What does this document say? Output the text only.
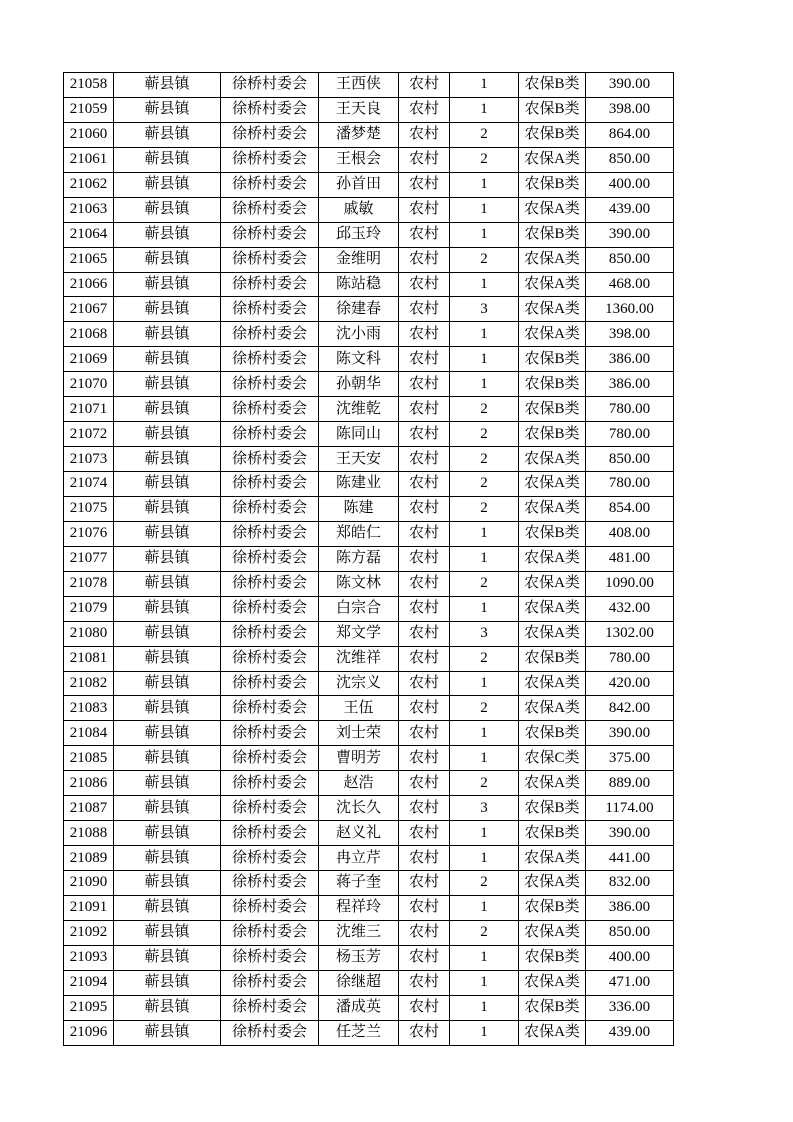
21058	蕲县镇	徐桥村委会	王西侠	农村	1	农保B类	390.00
21059	蕲县镇	徐桥村委会	王天良	农村	1	农保B类	398.00
21060	蕲县镇	徐桥村委会	潘梦楚	农村	2	农保B类	864.00
21061	蕲县镇	徐桥村委会	王根会	农村	2	农保A类	850.00
21062	蕲县镇	徐桥村委会	孙首田	农村	1	农保B类	400.00
21063	蕲县镇	徐桥村委会	戚敏	农村	1	农保A类	439.00
21064	蕲县镇	徐桥村委会	邱玉玲	农村	1	农保B类	390.00
21065	蕲县镇	徐桥村委会	金维明	农村	2	农保A类	850.00
21066	蕲县镇	徐桥村委会	陈站稳	农村	1	农保A类	468.00
21067	蕲县镇	徐桥村委会	徐建春	农村	3	农保A类	1360.00
21068	蕲县镇	徐桥村委会	沈小雨	农村	1	农保A类	398.00
21069	蕲县镇	徐桥村委会	陈文科	农村	1	农保B类	386.00
21070	蕲县镇	徐桥村委会	孙朝华	农村	1	农保B类	386.00
21071	蕲县镇	徐桥村委会	沈维乾	农村	2	农保B类	780.00
21072	蕲县镇	徐桥村委会	陈同山	农村	2	农保B类	780.00
21073	蕲县镇	徐桥村委会	王天安	农村	2	农保A类	850.00
21074	蕲县镇	徐桥村委会	陈建业	农村	2	农保A类	780.00
21075	蕲县镇	徐桥村委会	陈建	农村	2	农保A类	854.00
21076	蕲县镇	徐桥村委会	郑皓仁	农村	1	农保B类	408.00
21077	蕲县镇	徐桥村委会	陈方磊	农村	1	农保A类	481.00
21078	蕲县镇	徐桥村委会	陈文林	农村	2	农保A类	1090.00
21079	蕲县镇	徐桥村委会	白宗合	农村	1	农保A类	432.00
21080	蕲县镇	徐桥村委会	郑文学	农村	3	农保A类	1302.00
21081	蕲县镇	徐桥村委会	沈维祥	农村	2	农保B类	780.00
21082	蕲县镇	徐桥村委会	沈宗义	农村	1	农保A类	420.00
21083	蕲县镇	徐桥村委会	王伍	农村	2	农保A类	842.00
21084	蕲县镇	徐桥村委会	刘士荣	农村	1	农保B类	390.00
21085	蕲县镇	徐桥村委会	曹明芳	农村	1	农保C类	375.00
21086	蕲县镇	徐桥村委会	赵浩	农村	2	农保A类	889.00
21087	蕲县镇	徐桥村委会	沈长久	农村	3	农保B类	1174.00
21088	蕲县镇	徐桥村委会	赵义礼	农村	1	农保B类	390.00
21089	蕲县镇	徐桥村委会	冉立芹	农村	1	农保A类	441.00
21090	蕲县镇	徐桥村委会	蒋子奎	农村	2	农保A类	832.00
21091	蕲县镇	徐桥村委会	程祥玲	农村	1	农保B类	386.00
21092	蕲县镇	徐桥村委会	沈维三	农村	2	农保A类	850.00
21093	蕲县镇	徐桥村委会	杨玉芳	农村	1	农保B类	400.00
21094	蕲县镇	徐桥村委会	徐继超	农村	1	农保A类	471.00
21095	蕲县镇	徐桥村委会	潘成英	农村	1	农保B类	336.00
21096	蕲县镇	徐桥村委会	任芝兰	农村	1	农保A类	439.00
